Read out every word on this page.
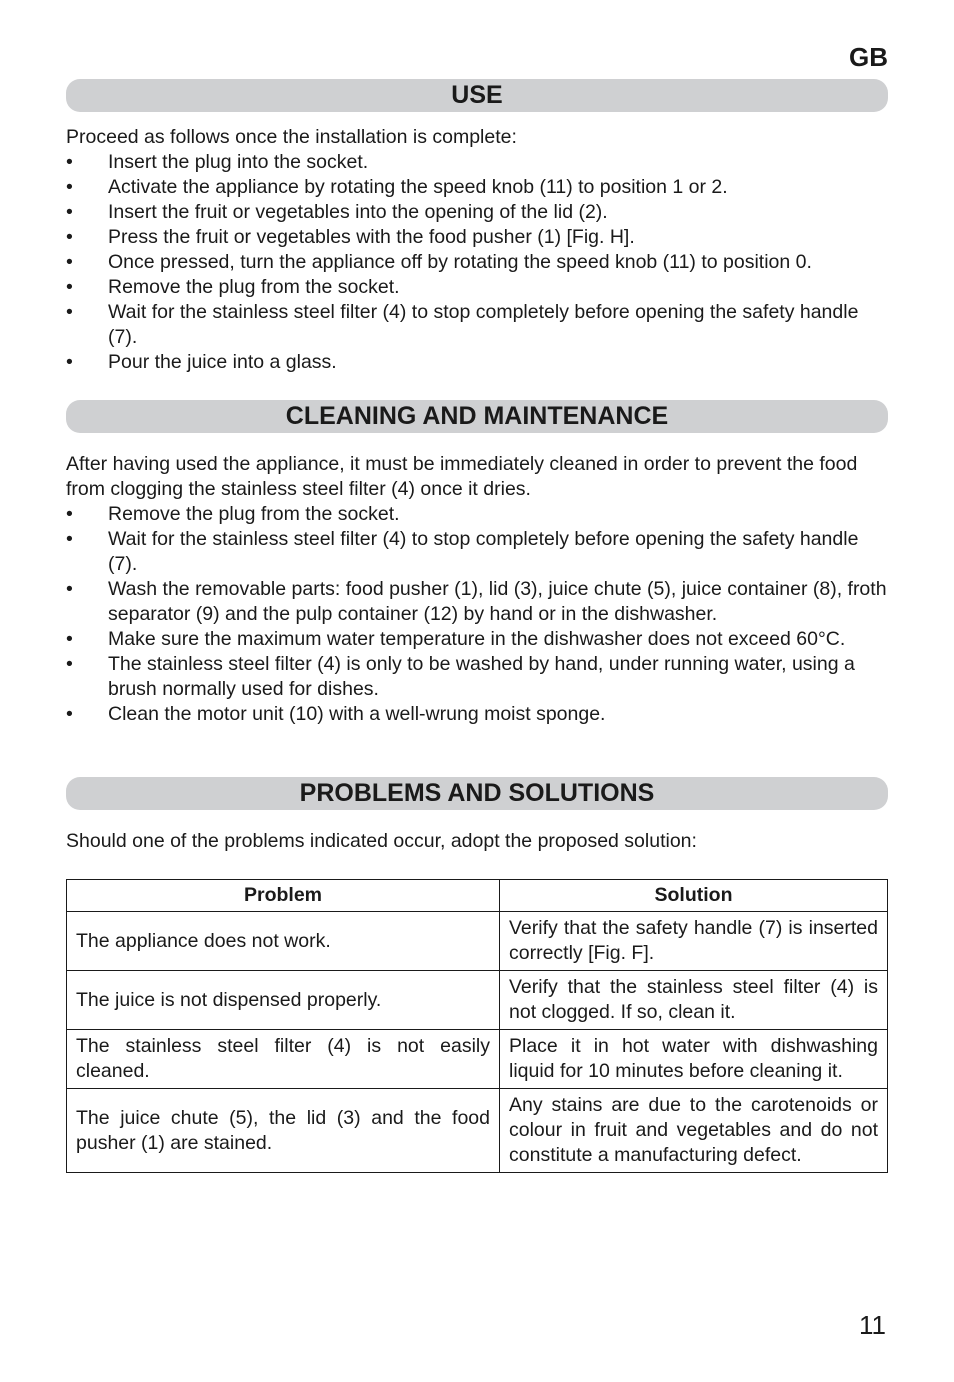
GB
USE

Proceed as follows once the installation is complete:

• Insert the plug into the socket.
• Activate the appliance by rotating the speed knob (11) to position 1 or 2.
• Insert the fruit or vegetables into the opening of the lid (2).
• Press the fruit or vegetables with the food pusher (1) [Fig. H].
• Once pressed, turn the appliance off by rotating the speed knob (11) to position 0.
• Remove the plug from the socket.
• Wait for the stainless steel filter (4) to stop completely before opening the safety handle (7).
• Pour the juice into a glass.
CLEANING AND MAINTENANCE

After having used the appliance, it must be immediately cleaned in order to prevent the food from clogging the stainless steel filter (4) once it dries.

• Remove the plug from the socket.
• Wait for the stainless steel filter (4) to stop completely before opening the safety handle (7).
• Wash the removable parts: food pusher (1), lid (3), juice chute (5), juice container (8), froth separator (9) and the pulp container (12) by hand or in the dishwasher.
• Make sure the maximum water temperature in the dishwasher does not exceed 60°C.
• The stainless steel filter (4) is only to be washed by hand, under running water, using a brush normally used for dishes.
• Clean the motor unit (10) with a well-wrung moist sponge.
PROBLEMS AND SOLUTIONS

Should one of the problems indicated occur, adopt the proposed solution:

Problem	Solution
The appliance does not work.	Verify that the safety handle (7) is inserted correctly [Fig. F].
The juice is not dispensed properly.	Verify that the stainless steel filter (4) is not clogged. If so, clean it.
The stainless steel filter (4) is not easily cleaned.	Place it in hot water with dishwashing liquid for 10 minutes before cleaning it.
The juice chute (5), the lid (3) and the food pusher (1) are stained.	Any stains are due to the carotenoids or colour in fruit and vegetables and do not constitute a manufacturing defect.
11
